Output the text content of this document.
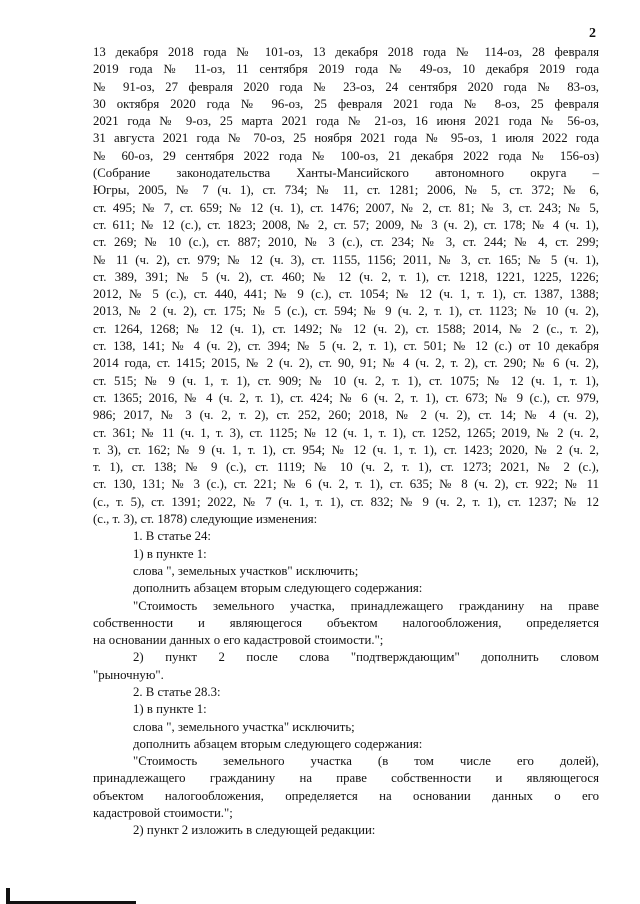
2
13 декабря 2018 года № 101-оз, 13 декабря 2018 года № 114-оз, 28 февраля
2019 года № 11-оз, 11 сентября 2019 года № 49-оз, 10 декабря 2019 года
№ 91-оз, 27 февраля 2020 года № 23-оз, 24 сентября 2020 года № 83-оз,
30 октября 2020 года № 96-оз, 25 февраля 2021 года № 8-оз, 25 февраля
2021 года № 9-оз, 25 марта 2021 года № 21-оз, 16 июня 2021 года № 56-оз,
31 августа 2021 года № 70-оз, 25 ноября 2021 года № 95-оз, 1 июля 2022 года
№ 60-оз, 29 сентября 2022 года № 100-оз, 21 декабря 2022 года № 156-оз)
(Собрание законодательства Ханты-Мансийского автономного округа –
Югры, 2005, № 7 (ч. 1), ст. 734; № 11, ст. 1281; 2006, № 5, ст. 372; № 6,
ст. 495; № 7, ст. 659; № 12 (ч. 1), ст. 1476; 2007, № 2, ст. 81; № 3, ст. 243; № 5,
ст. 611; № 12 (с.), ст. 1823; 2008, № 2, ст. 57; 2009, № 3 (ч. 2), ст. 178; № 4 (ч. 1),
ст. 269; № 10 (с.), ст. 887; 2010, № 3 (с.), ст. 234; № 3, ст. 244; № 4, ст. 299;
№ 11 (ч. 2), ст. 979; № 12 (ч. 3), ст. 1155, 1156; 2011, № 3, ст. 165; № 5 (ч. 1),
ст. 389, 391; № 5 (ч. 2), ст. 460; № 12 (ч. 2, т. 1), ст. 1218, 1221, 1225, 1226;
2012, № 5 (с.), ст. 440, 441; № 9 (с.), ст. 1054; № 12 (ч. 1, т. 1), ст. 1387, 1388;
2013, № 2 (ч. 2), ст. 175; № 5 (с.), ст. 594; № 9 (ч. 2, т. 1), ст. 1123; № 10 (ч. 2),
ст. 1264, 1268; № 12 (ч. 1), ст. 1492; № 12 (ч. 2), ст. 1588; 2014, № 2 (с., т. 2),
ст. 138, 141; № 4 (ч. 2), ст. 394; № 5 (ч. 2, т. 1), ст. 501; № 12 (с.) от 10 декабря
2014 года, ст. 1415; 2015, № 2 (ч. 2), ст. 90, 91; № 4 (ч. 2, т. 2), ст. 290; № 6 (ч. 2),
ст. 515; № 9 (ч. 1, т. 1), ст. 909; № 10 (ч. 2, т. 1), ст. 1075; № 12 (ч. 1, т. 1),
ст. 1365; 2016, № 4 (ч. 2, т. 1), ст. 424; № 6 (ч. 2, т. 1), ст. 673; № 9 (с.), ст. 979,
986; 2017, № 3 (ч. 2, т. 2), ст. 252, 260; 2018, № 2 (ч. 2), ст. 14; № 4 (ч. 2),
ст. 361; № 11 (ч. 1, т. 3), ст. 1125; № 12 (ч. 1, т. 1), ст. 1252, 1265; 2019, № 2 (ч. 2,
т. 3), ст. 162; № 9 (ч. 1, т. 1), ст. 954; № 12 (ч. 1, т. 1), ст. 1423; 2020, № 2 (ч. 2,
т. 1), ст. 138; № 9 (с.), ст. 1119; № 10 (ч. 2, т. 1), ст. 1273; 2021, № 2 (с.),
ст. 130, 131; № 3 (с.), ст. 221; № 6 (ч. 2, т. 1), ст. 635; № 8 (ч. 2), ст. 922; № 11
(с., т. 5), ст. 1391; 2022, № 7 (ч. 1, т. 1), ст. 832; № 9 (ч. 2, т. 1), ст. 1237; № 12
(с., т. 3), ст. 1878) следующие изменения:
1. В статье 24:
1) в пункте 1:
слова ", земельных участков" исключить;
дополнить абзацем вторым следующего содержания:
"Стоимость земельного участка, принадлежащего гражданину на праве
собственности и являющегося объектом налогообложения, определяется
на основании данных о его кадастровой стоимости.";
2) пункт 2 после слова "подтверждающим" дополнить словом
"рыночную".
2. В статье 28.3:
1) в пункте 1:
слова ", земельного участка" исключить;
дополнить абзацем вторым следующего содержания:
"Стоимость земельного участка (в том числе его долей),
принадлежащего гражданину на праве собственности и являющегося
объектом налогообложения, определяется на основании данных о его
кадастровой стоимости.";
2) пункт 2 изложить в следующей редакции:
